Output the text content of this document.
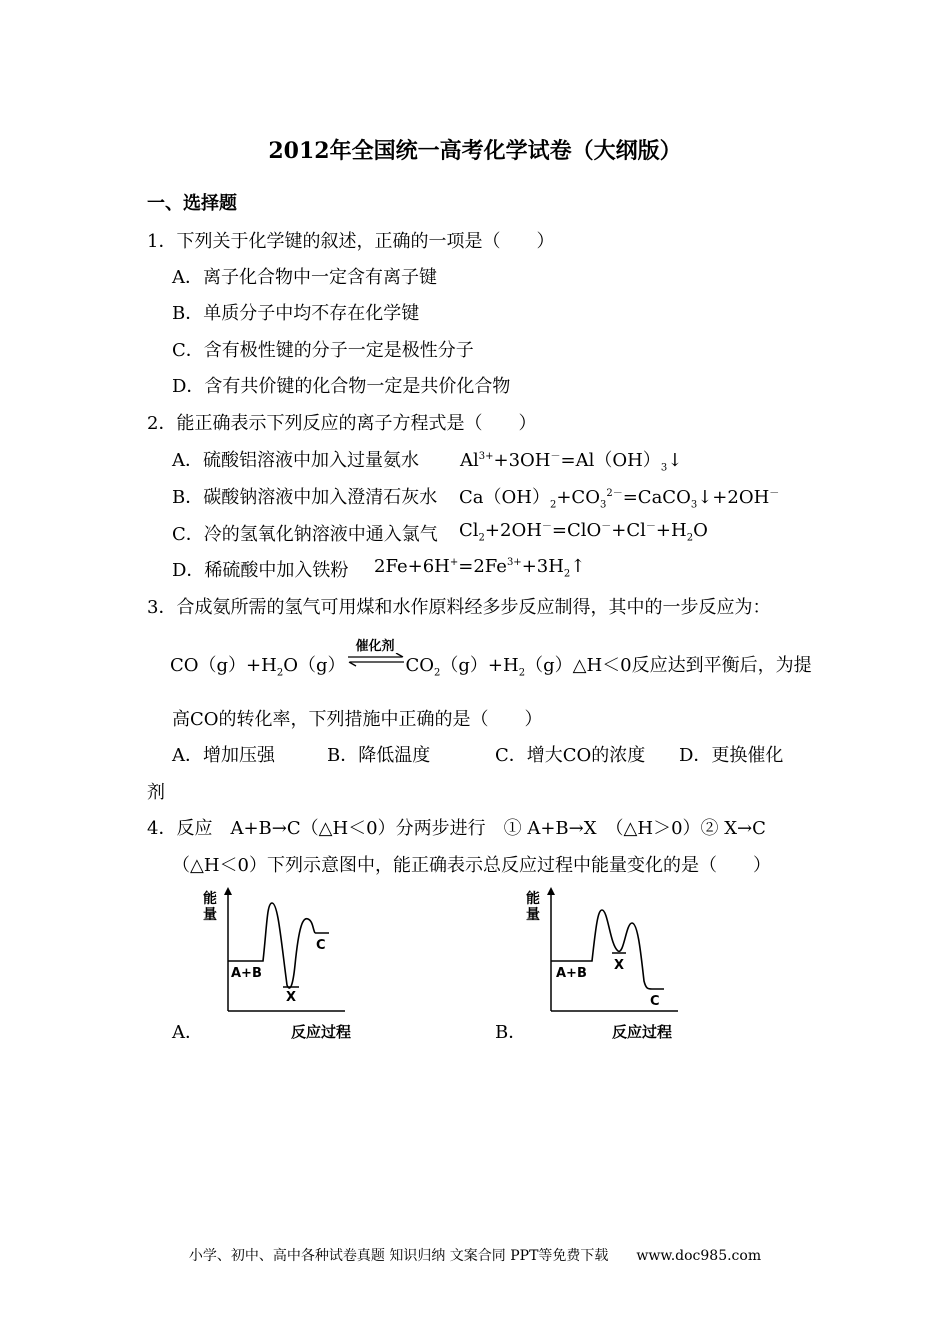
2012年全国统一高考化学试卷（大纲版）
一、选择题
1．下列关于化学键的叙述，正确的一项是（　　）
A．离子化合物中一定含有离子键
B．单质分子中均不存在化学键
C．含有极性键的分子一定是极性分子
D．含有共价键的化合物一定是共价化合物
2．能正确表示下列反应的离子方程式是（　　）
A．硫酸铝溶液中加入过量氨水 $Al^{3+}+3OH^-=Al(OH)_3↓$
B．碳酸钠溶液中加入澄清石灰水 $Ca(OH)_2+CO_3^{2-}=CaCO_3↓+2OH^-$
C．冷的氢氧化钠溶液中通入氯气 $Cl_2+2OH^-=ClO^-+Cl^-+H_2O$
D．稀硫酸中加入铁粉 $2Fe+6H^+=2Fe^{3+}+3H_2↑$
3．合成氨所需的氢气可用煤和水作原料经多步反应制得，其中的一步反应为：
$CO(g)+H_2O(g)$
催化剂
$CO_2(g)+H_2(g)\triangle H<0$反应达到平衡后，为提
高CO的转化率，下列措施中正确的是（　　）
A．增加压强	B．降低温度	C．增大CO的浓度 D．更换催化
剂
4．反应　A+B→C（△H＜0）分两步进行　① A+B→X　（△H＞0）② X→C
（△H＜0）下列示意图中，能正确表示总反应过程中能量变化的是（　　）
能
量
A+B
X
C
反应过程
A．
能
量
A+B
X
C
反应过程
B．
小学、初中、高中各种试卷真题 知识归纳 文案合同 PPT等免费下载　　www.doc985.com
